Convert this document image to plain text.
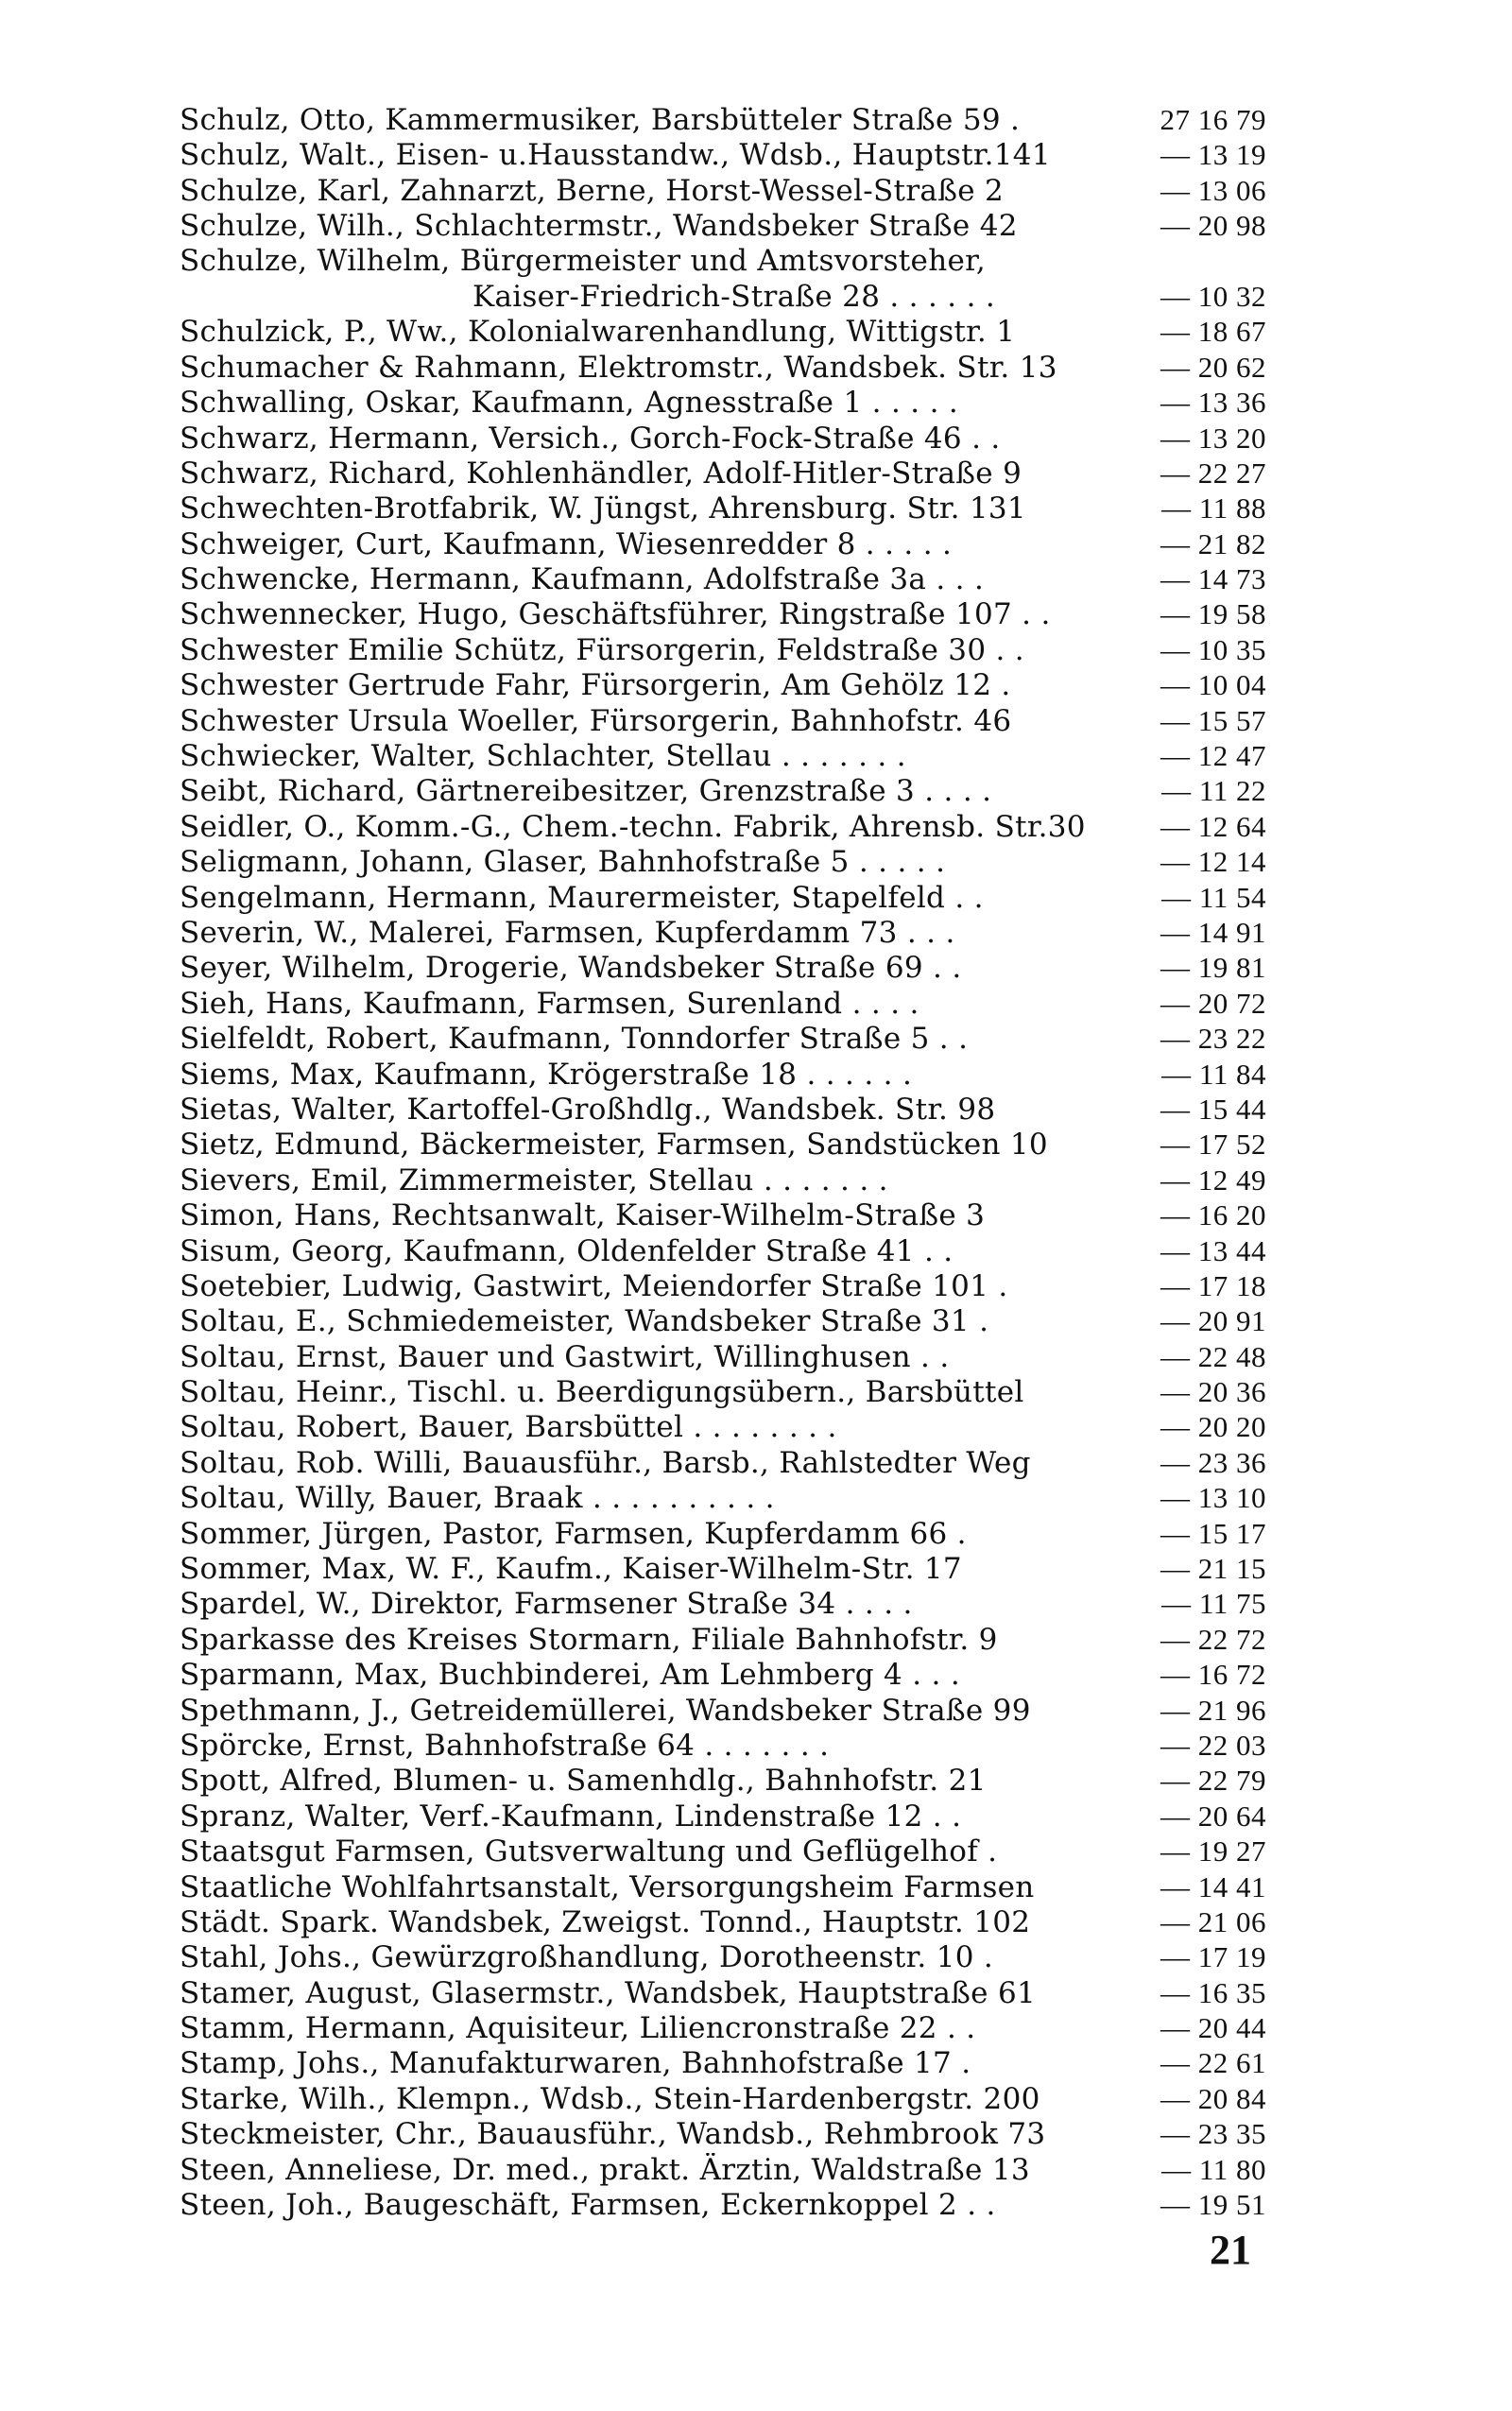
Schulz, Otto, Kammermusiker, Barsbütteler Straße 59 .	27 16 79
Schulz, Walt., Eisen- u.Hausstandw., Wdsb., Hauptstr.141	— 13 19
Schulze, Karl, Zahnarzt, Berne, Horst-Wessel-Straße 2	— 13 06
Schulze, Wilh., Schlachtermstr., Wandsbeker Straße 42	— 20 98
Schulze, Wilhelm, Bürgermeister und Amtsvorsteher,
Kaiser-Friedrich-Straße 28 . . . . . .	— 10 32
Schulzick, P., Ww., Kolonialwarenhandlung, Wittigstr. 1	— 18 67
Schumacher & Rahmann, Elektromstr., Wandsbek. Str. 13	— 20 62
Schwalling, Oskar, Kaufmann, Agnesstraße 1 . . . . .	— 13 36
Schwarz, Hermann, Versich., Gorch-Fock-Straße 46 . .	— 13 20
Schwarz, Richard, Kohlenhändler, Adolf-Hitler-Straße 9	— 22 27
Schwechten-Brotfabrik, W. Jüngst, Ahrensburg. Str. 131	— 11 88
Schweiger, Curt, Kaufmann, Wiesenredder 8 . . . . .	— 21 82
Schwencke, Hermann, Kaufmann, Adolfstraße 3a . . .	— 14 73
Schwennecker, Hugo, Geschäftsführer, Ringstraße 107 . .	— 19 58
Schwester Emilie Schütz, Fürsorgerin, Feldstraße 30 . .	— 10 35
Schwester Gertrude Fahr, Fürsorgerin, Am Gehölz 12 .	— 10 04
Schwester Ursula Woeller, Fürsorgerin, Bahnhofstr. 46	— 15 57
Schwiecker, Walter, Schlachter, Stellau . . . . . . .	— 12 47
Seibt, Richard, Gärtnereibesitzer, Grenzstraße 3 . . . .	— 11 22
Seidler, O., Komm.-G., Chem.-techn. Fabrik, Ahrensb. Str.30	— 12 64
Seligmann, Johann, Glaser, Bahnhofstraße 5 . . . . .	— 12 14
Sengelmann, Hermann, Maurermeister, Stapelfeld . .	— 11 54
Severin, W., Malerei, Farmsen, Kupferdamm 73 . . .	— 14 91
Seyer, Wilhelm, Drogerie, Wandsbeker Straße 69 . .	— 19 81
Sieh, Hans, Kaufmann, Farmsen, Surenland . . . .	— 20 72
Sielfeldt, Robert, Kaufmann, Tonndorfer Straße 5 . .	— 23 22
Siems, Max, Kaufmann, Krögerstraße 18 . . . . . .	— 11 84
Sietas, Walter, Kartoffel-Großhdlg., Wandsbek. Str. 98	— 15 44
Sietz, Edmund, Bäckermeister, Farmsen, Sandstücken 10	— 17 52
Sievers, Emil, Zimmermeister, Stellau . . . . . . .	— 12 49
Simon, Hans, Rechtsanwalt, Kaiser-Wilhelm-Straße 3	— 16 20
Sisum, Georg, Kaufmann, Oldenfelder Straße 41 . .	— 13 44
Soetebier, Ludwig, Gastwirt, Meiendorfer Straße 101 .	— 17 18
Soltau, E., Schmiedemeister, Wandsbeker Straße 31 .	— 20 91
Soltau, Ernst, Bauer und Gastwirt, Willinghusen . .	— 22 48
Soltau, Heinr., Tischl. u. Beerdigungsübern., Barsbüttel	— 20 36
Soltau, Robert, Bauer, Barsbüttel . . . . . . . .	— 20 20
Soltau, Rob. Willi, Bauausführ., Barsb., Rahlstedter Weg	— 23 36
Soltau, Willy, Bauer, Braak . . . . . . . . . .	— 13 10
Sommer, Jürgen, Pastor, Farmsen, Kupferdamm 66 .	— 15 17
Sommer, Max, W. F., Kaufm., Kaiser-Wilhelm-Str. 17	— 21 15
Spardel, W., Direktor, Farmsener Straße 34 . . . .	— 11 75
Sparkasse des Kreises Stormarn, Filiale Bahnhofstr. 9	— 22 72
Sparmann, Max, Buchbinderei, Am Lehmberg 4 . . .	— 16 72
Spethmann, J., Getreidemüllerei, Wandsbeker Straße 99	— 21 96
Spörcke, Ernst, Bahnhofstraße 64 . . . . . . .	— 22 03
Spott, Alfred, Blumen- u. Samenhdlg., Bahnhofstr. 21	— 22 79
Spranz, Walter, Verf.-Kaufmann, Lindenstraße 12 . .	— 20 64
Staatsgut Farmsen, Gutsverwaltung und Geflügelhof .	— 19 27
Staatliche Wohlfahrtsanstalt, Versorgungsheim Farmsen	— 14 41
Städt. Spark. Wandsbek, Zweigst. Tonnd., Hauptstr. 102	— 21 06
Stahl, Johs., Gewürzgroßhandlung, Dorotheenstr. 10 .	— 17 19
Stamer, August, Glasermstr., Wandsbek, Hauptstraße 61	— 16 35
Stamm, Hermann, Aquisiteur, Liliencronstraße 22 . .	— 20 44
Stamp, Johs., Manufakturwaren, Bahnhofstraße 17 .	— 22 61
Starke, Wilh., Klempn., Wdsb., Stein-Hardenbergstr. 200	— 20 84
Steckmeister, Chr., Bauausführ., Wandsb., Rehmbrook 73	— 23 35
Steen, Anneliese, Dr. med., prakt. Ärztin, Waldstraße 13	— 11 80
Steen, Joh., Baugeschäft, Farmsen, Eckernkoppel 2 . .	— 19 51
21
